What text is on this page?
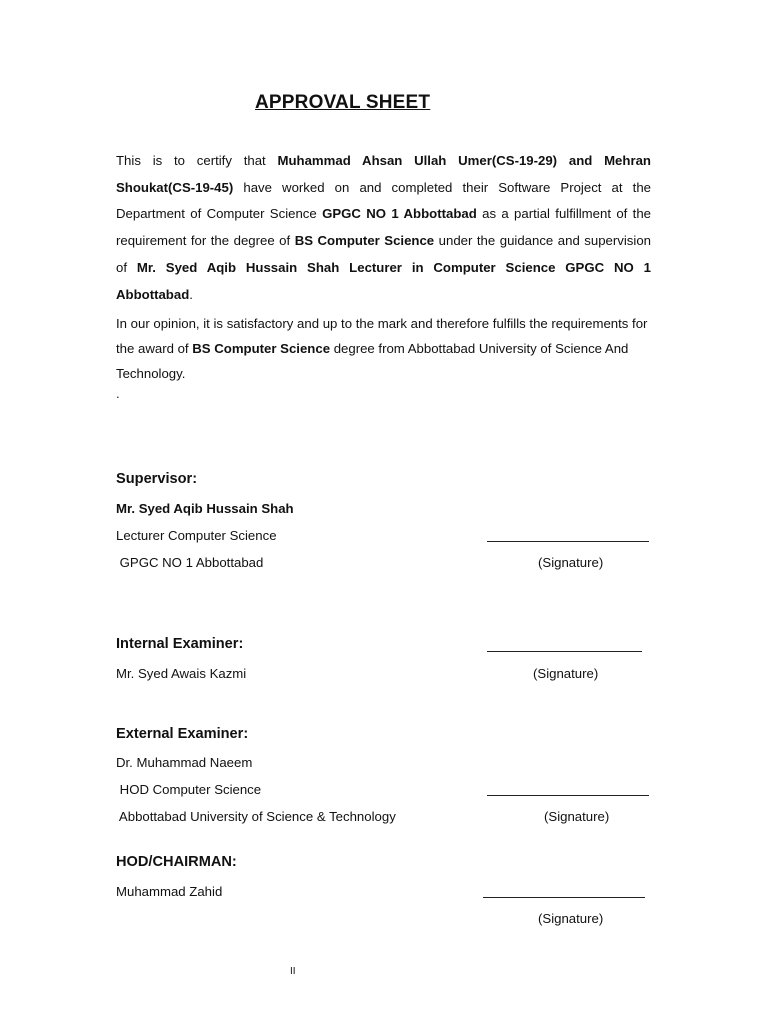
APPROVAL SHEET

This is to certify that Muhammad Ahsan Ullah Umer(CS-19-29) and Mehran Shoukat(CS-19-45) have worked on and completed their Software Project at the Department of Computer Science GPGC NO 1 Abbottabad as a partial fulfillment of the requirement for the degree of BS Computer Science under the guidance and supervision of Mr. Syed Aqib Hussain Shah Lecturer in Computer Science GPGC NO 1 Abbottabad.

In our opinion, it is satisfactory and up to the mark and therefore fulfills the requirements for the award of BS Computer Science degree from Abbottabad University of Science And Technology.

.

Supervisor:

Mr. Syed Aqib Hussain Shah

Lecturer Computer Science

GPGC NO 1 Abbottabad	(Signature)

Internal Examiner:

Mr. Syed Awais Kazmi	(Signature)

External Examiner:

Dr. Muhammad Naeem

HOD Computer Science

Abbottabad University of Science & Technology	(Signature)

HOD/CHAIRMAN:

Muhammad Zahid

(Signature)

II
